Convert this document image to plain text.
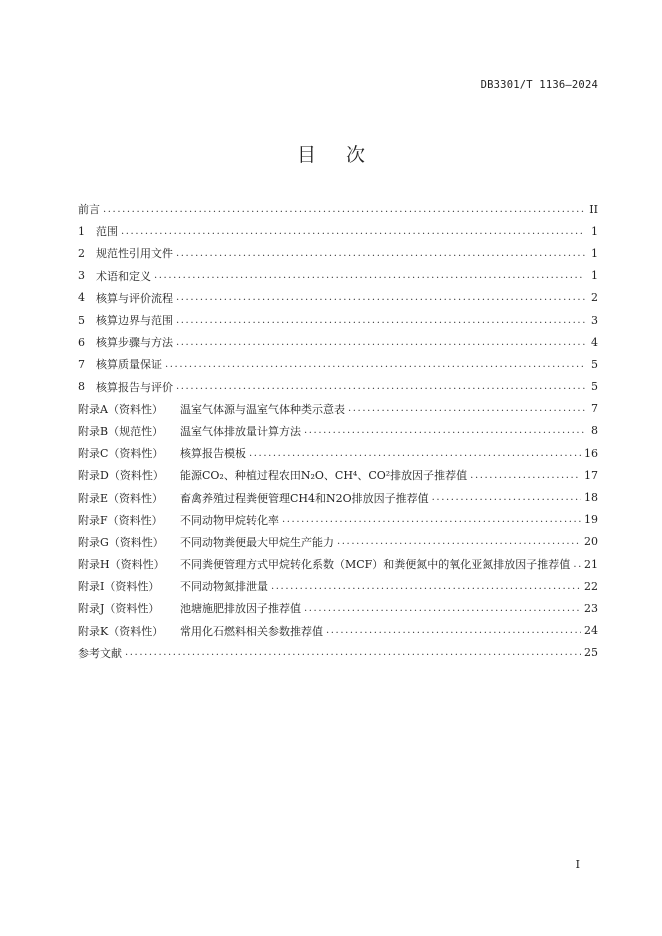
DB3301/T 1136—2024
目次
前言 .....	II
1	范围 .....	1
2	规范性引用文件 .....	1
3	术语和定义 .....	1
4	核算与评价流程 .....	2
5	核算边界与范围 .....	3
6	核算步骤与方法 .....	4
7	核算质量保证 .....	5
8	核算报告与评价 .....	5
附录A（资料性）	温室气体源与温室气体种类示意表 .....	7
附录B（规范性）	温室气体排放量计算方法 .....	8
附录C（资料性）	核算报告模板 .....	16
附录D（资料性）	能源CO₂、种植过程农田N₂O、CH⁴、CO²排放因子推荐值 .....	17
附录E（资料性）	畜禽养殖过程粪便管理CH4和N2O排放因子推荐值 .....	18
附录F（资料性）	不同动物甲烷转化率 .....	19
附录G（资料性）	不同动物粪便最大甲烷生产能力 .....	20
附录H（资料性）	不同粪便管理方式甲烷转化系数（MCF）和粪便氮中的氧化亚氮排放因子推荐值 ..... 21
附录I（资料性）	不同动物氮排泄量 .....	22
附录J（资料性）	池塘施肥排放因子推荐值 .....	23
附录K（资料性）	常用化石燃料相关参数推荐值 .....	24
参考文献 .....	25
I
